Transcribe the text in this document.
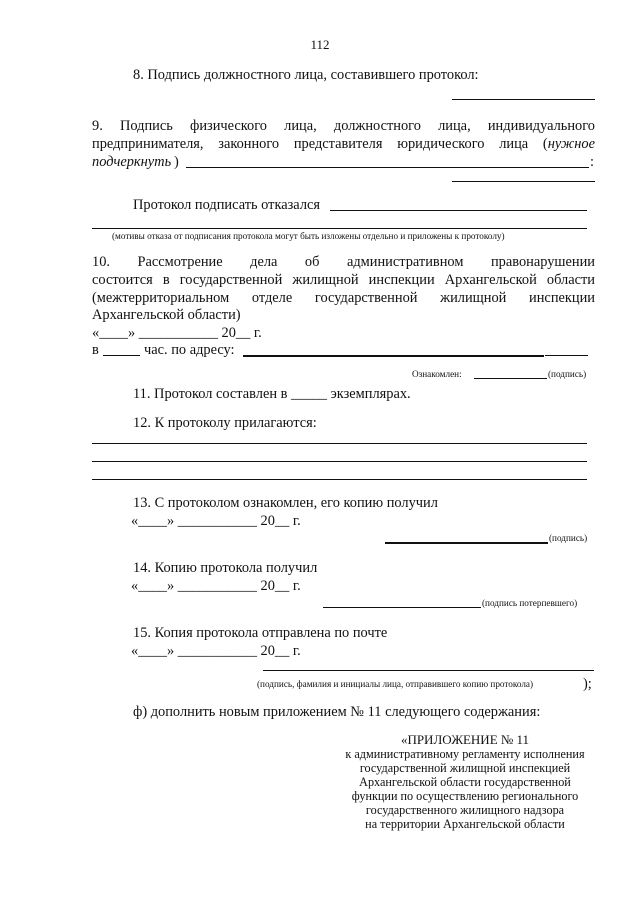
112
8. Подпись должностного лица, составившего протокол:
9. Подпись физического лица, должностного лица, индивидуального
предпринимателя, законного представителя юридического лица (нужное
подчеркнуть )	:
Протокол подписать отказался
(мотивы отказа от подписания протокола могут быть изложены отдельно и приложены к протоколу)
10. Рассмотрение дела об административном правонарушении
состоится в государственной жилищной инспекции Архангельской области
(межтерриториальном отделе государственной жилищной инспекции
Архангельской области)
«____» ___________ 20__ г.
в	час. по адресу:
Ознакомлен:	(подпись)
11. Протокол составлен в _____ экземплярах.
12. К протоколу прилагаются:
13. С протоколом ознакомлен, его копию получил
«____» ___________ 20__ г.
(подпись)
14. Копию протокола получил
«____» ___________ 20__ г.
(подпись потерпевшего)
15. Копия протокола отправлена по почте
«____» ___________ 20__ г.
(подпись, фамилия и инициалы лица, отправившего копию протокола)	);
ф) дополнить новым приложением № 11 следующего содержания:
«ПРИЛОЖЕНИЕ № 11
к административному регламенту исполнения
государственной жилищной инспекцией
Архангельской области государственной
функции по осуществлению регионального
государственного жилищного надзора
на территории Архангельской области
